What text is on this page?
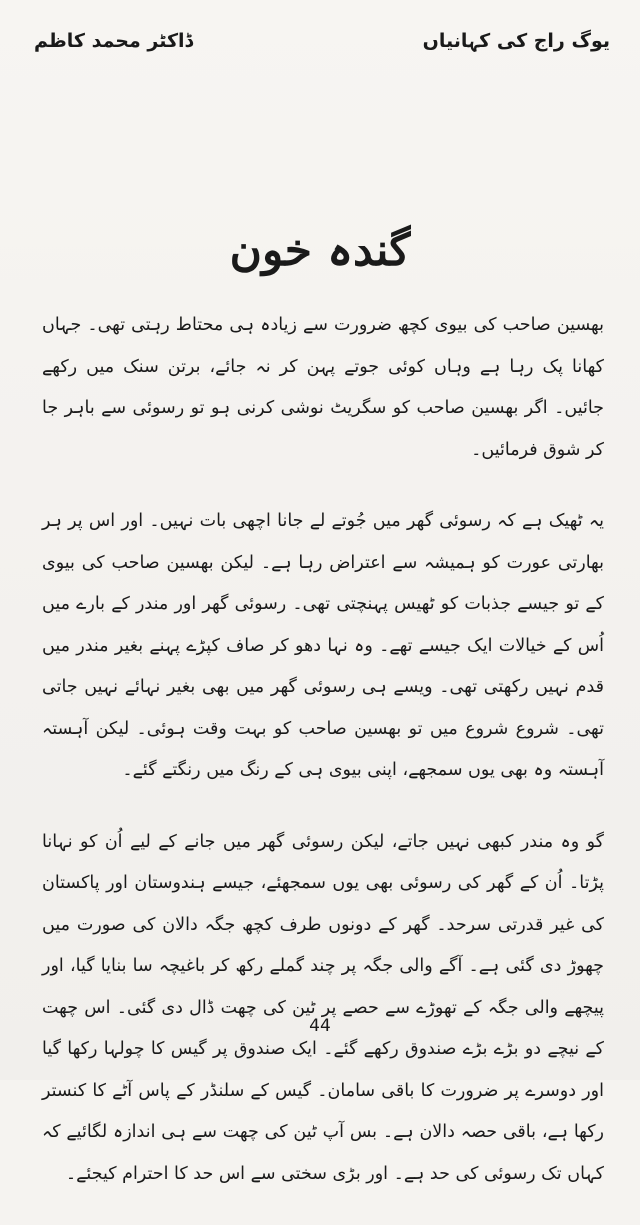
یوگ راج کی کہانیاں
ڈاکٹر محمد کاظم
گندہ خون

بھسین صاحب کی بیوی کچھ ضرورت سے زیادہ ہی محتاط رہتی تھی۔ جہاں کھانا پک رہا ہے وہاں کوئی جوتے پہن کر نہ جائے، برتن سنک میں رکھے جائیں۔ اگر بھسین صاحب کو سگریٹ نوشی کرنی ہو تو رسوئی سے باہر جا کر شوق فرمائیں۔

یہ ٹھیک ہے کہ رسوئی گھر میں جُوتے لے جانا اچھی بات نہیں۔ اور اس پر ہر بھارتی عورت کو ہمیشہ سے اعتراض رہا ہے۔ لیکن بھسین صاحب کی بیوی کے تو جیسے جذبات کو ٹھیس پہنچتی تھی۔ رسوئی گھر اور مندر کے بارے میں اُس کے خیالات ایک جیسے تھے۔ وہ نہا دھو کر صاف کپڑے پہنے بغیر مندر میں قدم نہیں رکھتی تھی۔ ویسے ہی رسوئی گھر میں بھی بغیر نہائے نہیں جاتی تھی۔ شروع شروع میں تو بھسین صاحب کو بہت وقت ہوئی۔ لیکن آہستہ آہستہ وہ بھی یوں سمجھے، اپنی بیوی ہی کے رنگ میں رنگتے گئے۔

گو وہ مندر کبھی نہیں جاتے، لیکن رسوئی گھر میں جانے کے لیے اُن کو نہانا پڑتا۔ اُن کے گھر کی رسوئی بھی یوں سمجھئے، جیسے ہندوستان اور پاکستان کی غیر قدرتی سرحد۔ گھر کے دونوں طرف کچھ جگہ دالان کی صورت میں چھوڑ دی گئی ہے۔ آگے والی جگہ پر چند گملے رکھ کر باغیچہ سا بنایا گیا، اور پیچھے والی جگہ کے تھوڑے سے حصے پر ٹین کی چھت ڈال دی گئی۔ اس چھت کے نیچے دو بڑے بڑے صندوق رکھے گئے۔ ایک صندوق پر گیس کا چولہا رکھا گیا اور دوسرے پر ضرورت کا باقی سامان۔ گیس کے سلنڈر کے پاس آٹے کا کنستر رکھا ہے، باقی حصہ دالان ہے۔ بس آپ ٹین کی چھت سے ہی اندازہ لگائیے کہ کہاں تک رسوئی کی حد ہے۔ اور بڑی سختی سے اس حد کا احترام کیجئے۔

44
